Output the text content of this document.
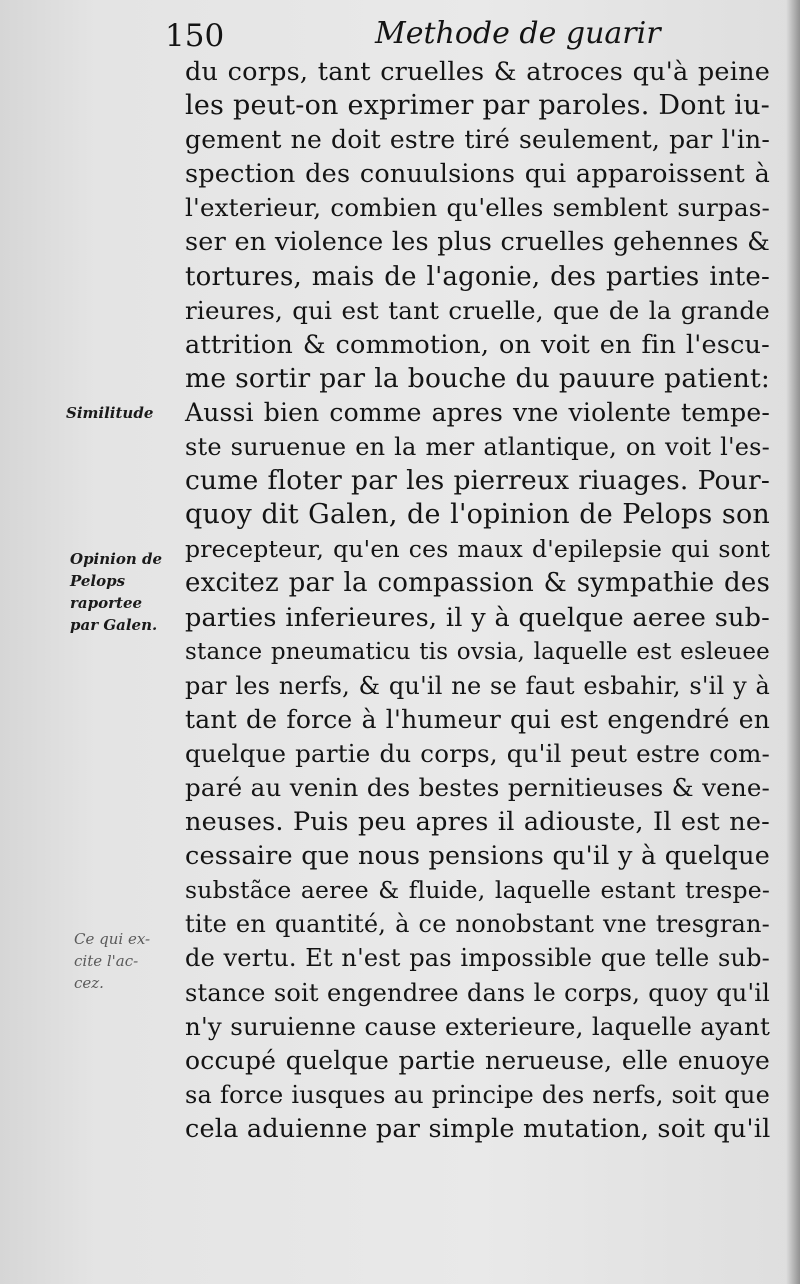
150	Methode de guarir
Similitude
Opinion de
Pelops
raportee
par Galen.
Ce qui ex-
cite l'ac-
cez.
du corps, tant cruelles & atroces qu'à peine
les peut-on exprimer par paroles. Dont iu-
gement ne doit estre tiré seulement, par l'in-
spection des conuulsions qui apparoissent à
l'exterieur, combien qu'elles semblent surpas-
ser en violence les plus cruelles gehennes &
tortures, mais de l'agonie, des parties inte-
rieures, qui est tant cruelle, que de la grande
attrition & commotion, on voit en fin l'escu-
me sortir par la bouche du pauure patient:
Aussi bien comme apres vne violente tempe-
ste suruenue en la mer atlantique, on voit l'es-
cume floter par les pierreux riuages. Pour-
quoy dit Galen, de l'opinion de Pelops son
precepteur, qu'en ces maux d'epilepsie qui sont
excitez par la compassion & sympathie des
parties inferieures, il y à quelque aeree sub-
stance pneumaticu tis ovsia, laquelle est esleuee
par les nerfs, & qu'il ne se faut esbahir, s'il y à
tant de force à l'humeur qui est engendré en
quelque partie du corps, qu'il peut estre com-
paré au venin des bestes pernitieuses & vene-
neuses. Puis peu apres il adiouste, Il est ne-
cessaire que nous pensions qu'il y à quelque
substãce aeree & fluide, laquelle estant trespe-
tite en quantité, à ce nonobstant vne tresgran-
de vertu. Et n'est pas impossible que telle sub-
stance soit engendree dans le corps, quoy qu'il
n'y suruienne cause exterieure, laquelle ayant
occupé quelque partie nerueuse, elle enuoye
sa force iusques au principe des nerfs, soit que
cela aduienne par simple mutation, soit qu'il
